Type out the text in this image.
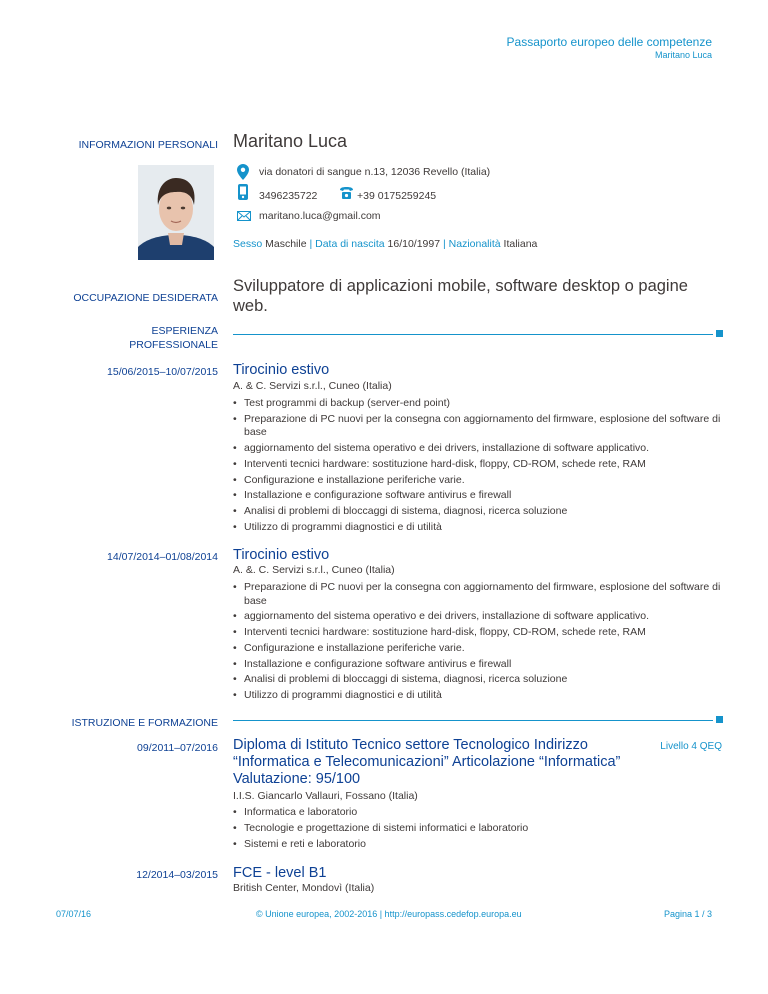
Passaporto europeo delle competenze
Maritano Luca
INFORMAZIONI PERSONALI Maritano Luca
via donatori di sangue n.13, 12036 Revello (Italia)
3496235722	+39 0175259245
maritano.luca@gmail.com
Sesso Maschile | Data di nascita 16/10/1997 | Nazionalità Italiana
OCCUPAZIONE DESIDERATA
Sviluppatore di applicazioni mobile, software desktop o pagine web.
ESPERIENZA
PROFESSIONALE
15/06/2015–10/07/2015 Tirocinio estivo
A. & C. Servizi s.r.l., Cuneo (Italia)
• Test programmi di backup (server-end point)
• Preparazione di PC nuovi per la consegna con aggiornamento del firmware, esplosione del software di base
• aggiornamento del sistema operativo e dei drivers, installazione di software applicativo.
• Interventi tecnici hardware: sostituzione hard-disk, floppy, CD-ROM, schede rete, RAM
• Configurazione e installazione periferiche varie.
• Installazione e configurazione software antivirus e firewall
• Analisi di problemi di bloccaggi di sistema, diagnosi, ricerca soluzione
• Utilizzo di programmi diagnostici e di utilità
14/07/2014–01/08/2014 Tirocinio estivo
A. &. C. Servizi s.r.l., Cuneo (Italia)
• Preparazione di PC nuovi per la consegna con aggiornamento del firmware, esplosione del software di base
• aggiornamento del sistema operativo e dei drivers, installazione di software applicativo.
• Interventi tecnici hardware: sostituzione hard-disk, floppy, CD-ROM, schede rete, RAM
• Configurazione e installazione periferiche varie.
• Installazione e configurazione software antivirus e firewall
• Analisi di problemi di bloccaggi di sistema, diagnosi, ricerca soluzione
• Utilizzo di programmi diagnostici e di utilità
ISTRUZIONE E FORMAZIONE
09/2011–07/2016 Diploma di Istituto Tecnico settore Tecnologico Indirizzo “Informatica e Telecomunicazioni” Articolazione “Informatica” Valutazione: 95/100
Livello 4 QEQ
I.I.S. Giancarlo Vallauri, Fossano (Italia)
• Informatica e laboratorio
• Tecnologie e progettazione di sistemi informatici e laboratorio
• Sistemi e reti e laboratorio
12/2014–03/2015 FCE - level B1
British Center, Mondovì (Italia)
07/07/16	© Unione europea, 2002-2016 | http://europass.cedefop.europa.eu	Pagina 1 / 3
